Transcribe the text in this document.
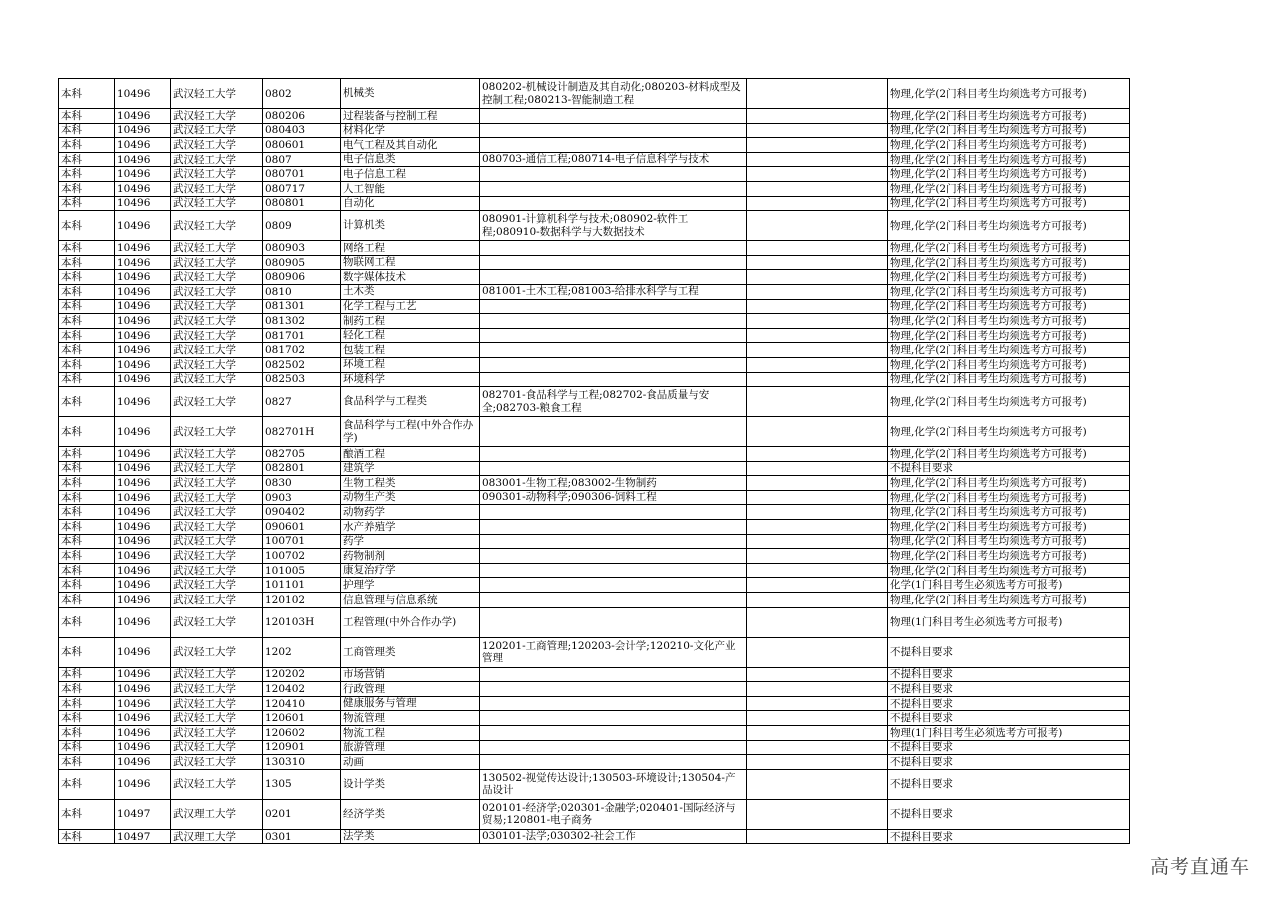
本科	10496	武汉轻工大学	0802	机械类	080202-机械设计制造及其自动化;080203-材料成型及控制工程;080213-智能制造工程		物理,化学(2门科目考生均须选考方可报考)
本科	10496	武汉轻工大学	080206	过程装备与控制工程			物理,化学(2门科目考生均须选考方可报考)
本科	10496	武汉轻工大学	080403	材料化学			物理,化学(2门科目考生均须选考方可报考)
本科	10496	武汉轻工大学	080601	电气工程及其自动化			物理,化学(2门科目考生均须选考方可报考)
本科	10496	武汉轻工大学	0807	电子信息类	080703-通信工程;080714-电子信息科学与技术		物理,化学(2门科目考生均须选考方可报考)
本科	10496	武汉轻工大学	080701	电子信息工程			物理,化学(2门科目考生均须选考方可报考)
本科	10496	武汉轻工大学	080717	人工智能			物理,化学(2门科目考生均须选考方可报考)
本科	10496	武汉轻工大学	080801	自动化			物理,化学(2门科目考生均须选考方可报考)
本科	10496	武汉轻工大学	0809	计算机类	080901-计算机科学与技术;080902-软件工程;080910-数据科学与大数据技术		物理,化学(2门科目考生均须选考方可报考)
本科	10496	武汉轻工大学	080903	网络工程			物理,化学(2门科目考生均须选考方可报考)
本科	10496	武汉轻工大学	080905	物联网工程			物理,化学(2门科目考生均须选考方可报考)
本科	10496	武汉轻工大学	080906	数字媒体技术			物理,化学(2门科目考生均须选考方可报考)
本科	10496	武汉轻工大学	0810	土木类	081001-土木工程;081003-给排水科学与工程		物理,化学(2门科目考生均须选考方可报考)
本科	10496	武汉轻工大学	081301	化学工程与工艺			物理,化学(2门科目考生均须选考方可报考)
本科	10496	武汉轻工大学	081302	制药工程			物理,化学(2门科目考生均须选考方可报考)
本科	10496	武汉轻工大学	081701	轻化工程			物理,化学(2门科目考生均须选考方可报考)
本科	10496	武汉轻工大学	081702	包装工程			物理,化学(2门科目考生均须选考方可报考)
本科	10496	武汉轻工大学	082502	环境工程			物理,化学(2门科目考生均须选考方可报考)
本科	10496	武汉轻工大学	082503	环境科学			物理,化学(2门科目考生均须选考方可报考)
本科	10496	武汉轻工大学	0827	食品科学与工程类	082701-食品科学与工程;082702-食品质量与安全;082703-粮食工程		物理,化学(2门科目考生均须选考方可报考)
本科	10496	武汉轻工大学	082701H	食品科学与工程(中外合作办学)			物理,化学(2门科目考生均须选考方可报考)
本科	10496	武汉轻工大学	082705	酿酒工程			物理,化学(2门科目考生均须选考方可报考)
本科	10496	武汉轻工大学	082801	建筑学			不提科目要求
本科	10496	武汉轻工大学	0830	生物工程类	083001-生物工程;083002-生物制药		物理,化学(2门科目考生均须选考方可报考)
本科	10496	武汉轻工大学	0903	动物生产类	090301-动物科学;090306-饲料工程		物理,化学(2门科目考生均须选考方可报考)
本科	10496	武汉轻工大学	090402	动物药学			物理,化学(2门科目考生均须选考方可报考)
本科	10496	武汉轻工大学	090601	水产养殖学			物理,化学(2门科目考生均须选考方可报考)
本科	10496	武汉轻工大学	100701	药学			物理,化学(2门科目考生均须选考方可报考)
本科	10496	武汉轻工大学	100702	药物制剂			物理,化学(2门科目考生均须选考方可报考)
本科	10496	武汉轻工大学	101005	康复治疗学			物理,化学(2门科目考生均须选考方可报考)
本科	10496	武汉轻工大学	101101	护理学			化学(1门科目考生必须选考方可报考)
本科	10496	武汉轻工大学	120102	信息管理与信息系统			物理,化学(2门科目考生均须选考方可报考)
本科	10496	武汉轻工大学	120103H	工程管理(中外合作办学)			物理(1门科目考生必须选考方可报考)
本科	10496	武汉轻工大学	1202	工商管理类	120201-工商管理;120203-会计学;120210-文化产业管理		不提科目要求
本科	10496	武汉轻工大学	120202	市场营销			不提科目要求
本科	10496	武汉轻工大学	120402	行政管理			不提科目要求
本科	10496	武汉轻工大学	120410	健康服务与管理			不提科目要求
本科	10496	武汉轻工大学	120601	物流管理			不提科目要求
本科	10496	武汉轻工大学	120602	物流工程			物理(1门科目考生必须选考方可报考)
本科	10496	武汉轻工大学	120901	旅游管理			不提科目要求
本科	10496	武汉轻工大学	130310	动画			不提科目要求
本科	10496	武汉轻工大学	1305	设计学类	130502-视觉传达设计;130503-环境设计;130504-产品设计		不提科目要求
本科	10497	武汉理工大学	0201	经济学类	020101-经济学;020301-金融学;020401-国际经济与贸易;120801-电子商务		不提科目要求
本科	10497	武汉理工大学	0301	法学类	030101-法学;030302-社会工作		不提科目要求
高考直通车
